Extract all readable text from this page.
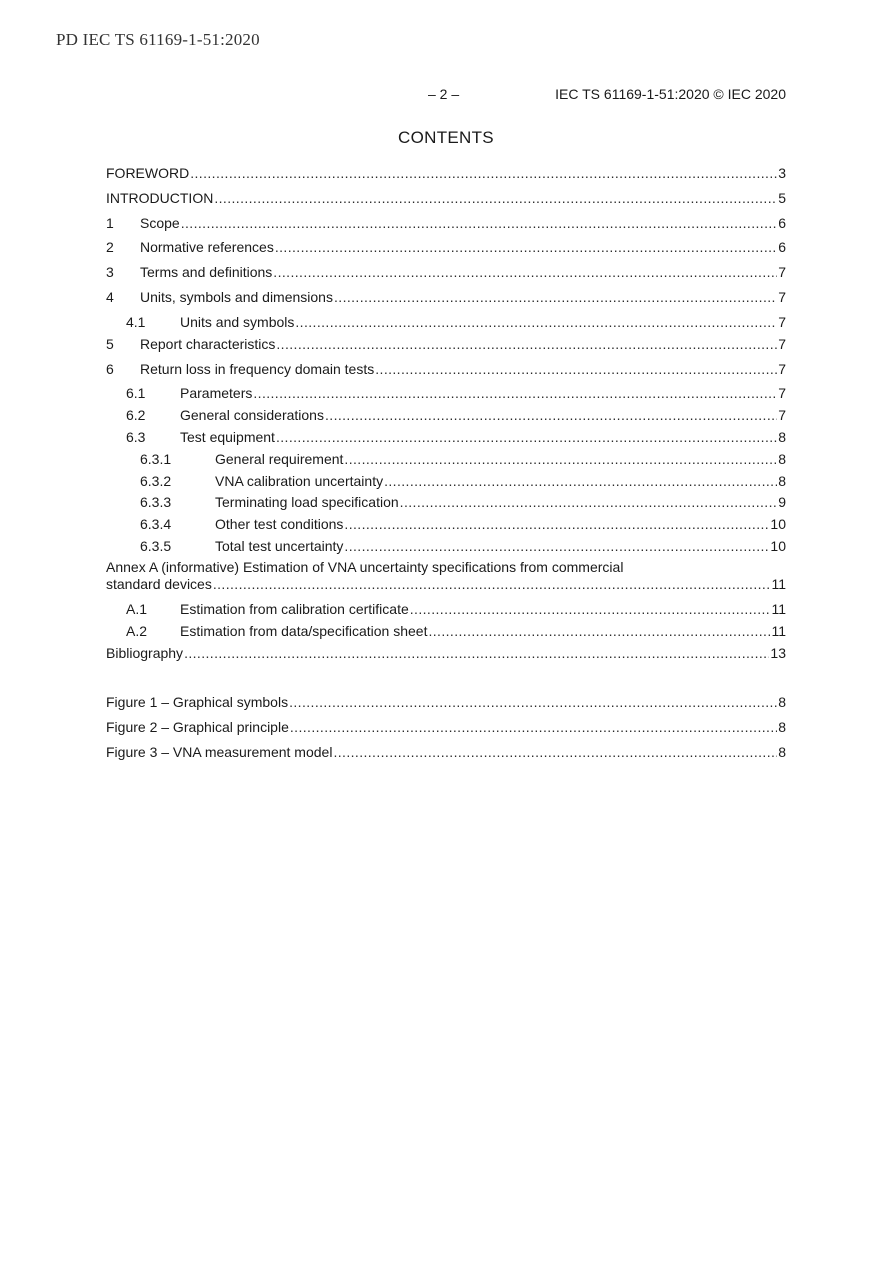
PD IEC TS 61169-1-51:2020
– 2 –	IEC TS 61169-1-51:2020 © IEC 2020
CONTENTS
FOREWORD .....	3
INTRODUCTION .....	5
1	Scope .....	6
2	Normative references .....	6
3	Terms and definitions .....	7
4	Units, symbols and dimensions .....	7
4.1	Units and symbols .....	7
5	Report characteristics .....	7
6	Return loss in frequency domain tests .....	7
6.1	Parameters .....	7
6.2	General considerations .....	7
6.3	Test equipment .....	8
6.3.1	General requirement .....	8
6.3.2	VNA calibration uncertainty .....	8
6.3.3	Terminating load specification .....	9
6.3.4	Other test conditions .....	10
6.3.5	Total test uncertainty .....	10
Annex A (informative) Estimation of VNA uncertainty specifications from commercial
standard devices .....	11
A.1	Estimation from calibration certificate .....	11
A.2	Estimation from data/specification sheet .....	11
Bibliography .....	13
Figure 1 – Graphical symbols .....	8
Figure 2 – Graphical principle .....	8
Figure 3 – VNA measurement model .....	8
